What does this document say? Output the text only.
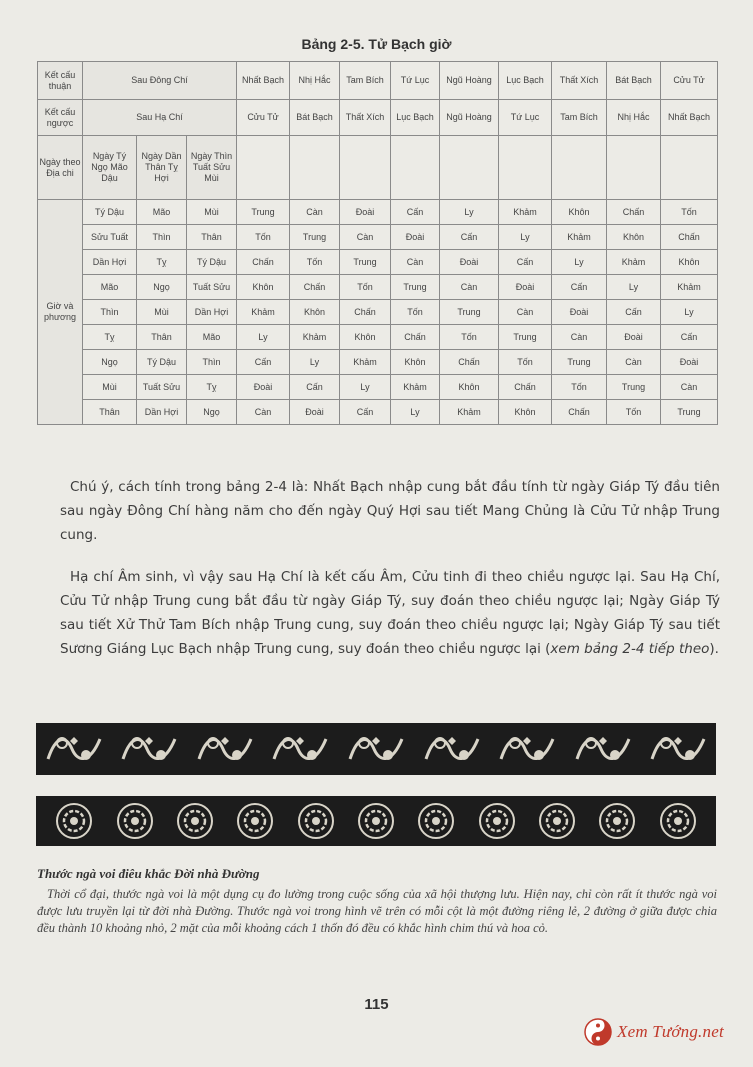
Bảng 2-5. Tử Bạch giờ
Kết cấu thuận	Sau Đông Chí			Nhất Bạch	Nhị Hắc	Tam Bích	Tứ Lục	Ngũ Hoàng	Lục Bạch	Thất Xích	Bát Bạch	Cửu Tử
Kết cấu ngược	Sau Hạ Chí			Cửu Tử	Bát Bạch	Thất Xích	Lục Bạch	Ngũ Hoàng	Tứ Lục	Tam Bích	Nhị Hắc	Nhất Bạch
Ngày theo Địa chi	Ngày Tý Ngọ Mão Dậu	Ngày Dần Thân Tỵ Hợi	Ngày Thìn Tuất Sửu Mùi									
Giờ và phương	Tý Dậu	Mão	Mùi	Trung	Càn	Đoài	Cấn	Ly	Khảm	Khôn	Chấn	Tốn
	Sửu Tuất	Thìn	Thân	Tốn	Trung	Càn	Đoài	Cấn	Ly	Khảm	Khôn	Chấn
	Dần Hợi	Tỵ	Tý Dậu	Chấn	Tốn	Trung	Càn	Đoài	Cấn	Ly	Khảm	Khôn
	Mão	Ngọ	Tuất Sửu	Khôn	Chấn	Tốn	Trung	Càn	Đoài	Cấn	Ly	Khảm
	Thìn	Mùi	Dần Hợi	Khảm	Khôn	Chấn	Tốn	Trung	Càn	Đoài	Cấn	Ly
	Tỵ	Thân	Mão	Ly	Khảm	Khôn	Chấn	Tốn	Trung	Càn	Đoài	Cấn
	Ngọ	Tý Dậu	Thìn	Cấn	Ly	Khảm	Khôn	Chấn	Tốn	Trung	Càn	Đoài
	Mùi	Tuất Sửu	Tỵ	Đoài	Cấn	Ly	Khảm	Khôn	Chấn	Tốn	Trung	Càn
	Thân	Dần Hợi	Ngọ	Càn	Đoài	Cấn	Ly	Khảm	Khôn	Chấn	Tốn	Trung

Chú ý, cách tính trong bảng 2-4 là: Nhất Bạch nhập cung bắt đầu tính từ ngày Giáp Tý đầu tiên sau ngày Đông Chí hàng năm cho đến ngày Quý Hợi sau tiết Mang Chủng là Cửu Tử nhập Trung cung.

Hạ chí Âm sinh, vì vậy sau Hạ Chí là kết cấu Âm, Cửu tinh đi theo chiều ngược lại. Sau Hạ Chí, Cửu Tử nhập Trung cung bắt đầu từ ngày Giáp Tý, suy đoán theo chiều ngược lại; Ngày Giáp Tý sau tiết Xử Thử Tam Bích nhập Trung cung, suy đoán theo chiều ngược lại; Ngày Giáp Tý sau tiết Sương Giáng Lục Bạch nhập Trung cung, suy đoán theo chiều ngược lại (xem bảng 2-4 tiếp theo).

Thước ngà voi điêu khắc Đời nhà Đường

Thời cổ đại, thước ngà voi là một dụng cụ đo lường trong cuộc sống của xã hội thượng lưu. Hiện nay, chỉ còn rất ít thước ngà voi được lưu truyền lại từ đời nhà Đường. Thước ngà voi trong hình vẽ trên có mỗi cột là một đường riêng lẻ, 2 đường ở giữa được chia đều thành 10 khoảng nhỏ, 2 mặt của mỗi khoảng cách 1 thốn đó đều có khắc hình chim thú và hoa cỏ.

115
Xem Tướng.net
